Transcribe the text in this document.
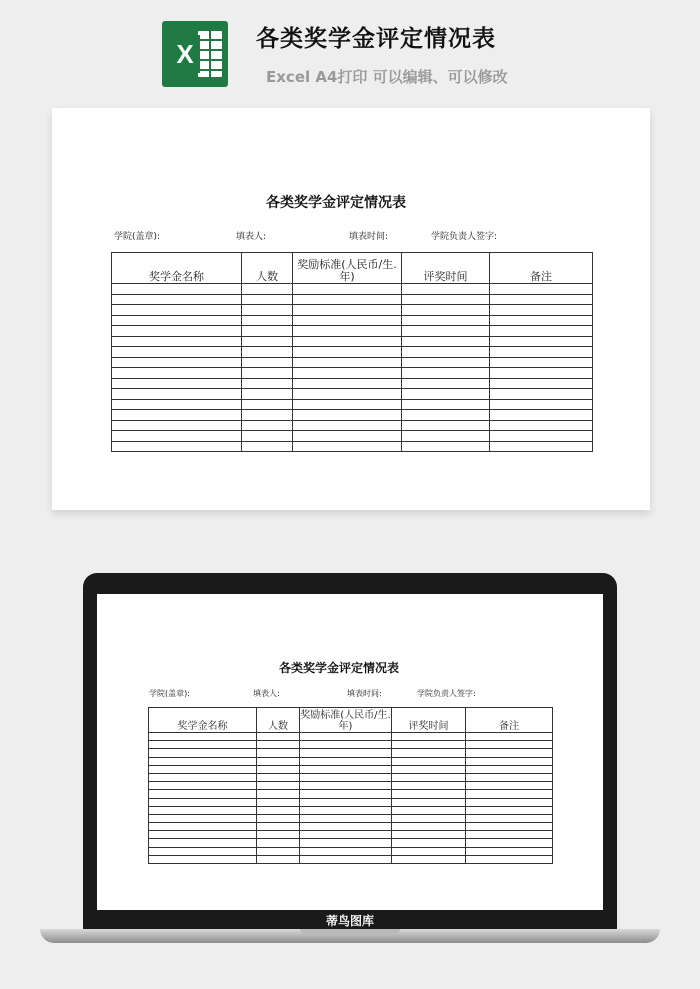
X	各类奖学金评定情况表
Excel A4打印 可以编辑、可以修改
各类奖学金评定情况表
学院(盖章):	填表人:	填表时间:	学院负责人签字:
奖学金名称	人数	奖励标准(人民币/生.年)	评奖时间	备注

各类奖学金评定情况表
学院(盖章):	填表人:	填表时间:	学院负责人签字:
奖学金名称	人数	奖励标准(人民币/生.年)	评奖时间	备注

蒂鸟图库
